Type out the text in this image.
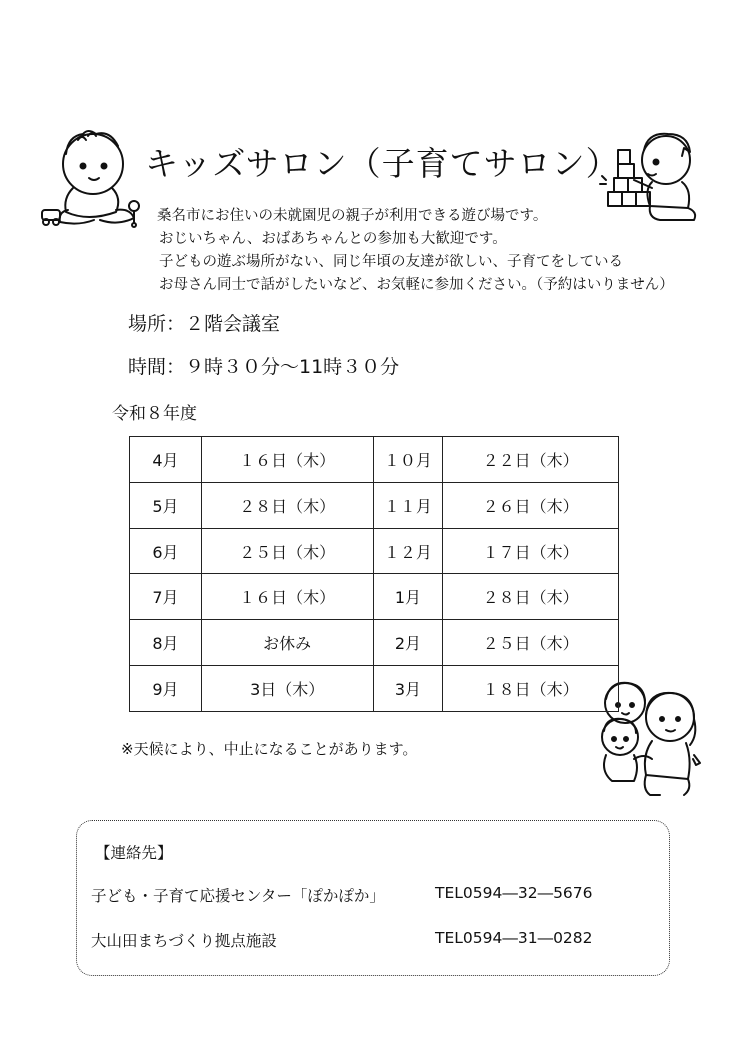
キッズサロン（子育てサロン）
桑名市にお住いの未就園児の親子が利用できる遊び場です。
おじいちゃん、おばあちゃんとの参加も大歓迎です。
子どもの遊ぶ場所がない、同じ年頃の友達が欲しい、子育てをしている
お母さん同士で話がしたいなど、お気軽に参加ください。（予約はいりません）
場所：２階会議室
時間：９時３０分～11時３０分
令和８年度
4月	１６日（木）	１０月	２２日（木）
5月	２８日（木）	１１月	２６日（木）
6月	２５日（木）	１２月	１７日（木）
7月	１６日（木）	1月	２８日（木）
8月	お休み	2月	２５日（木）
9月	3日（木）	3月	１８日（木）
※天候により、中止になることがあります。
【連絡先】
子ども・子育て応援センター「ぽかぽか」	TEL0594―32―5676
大山田まちづくり拠点施設	TEL0594―31―0282
